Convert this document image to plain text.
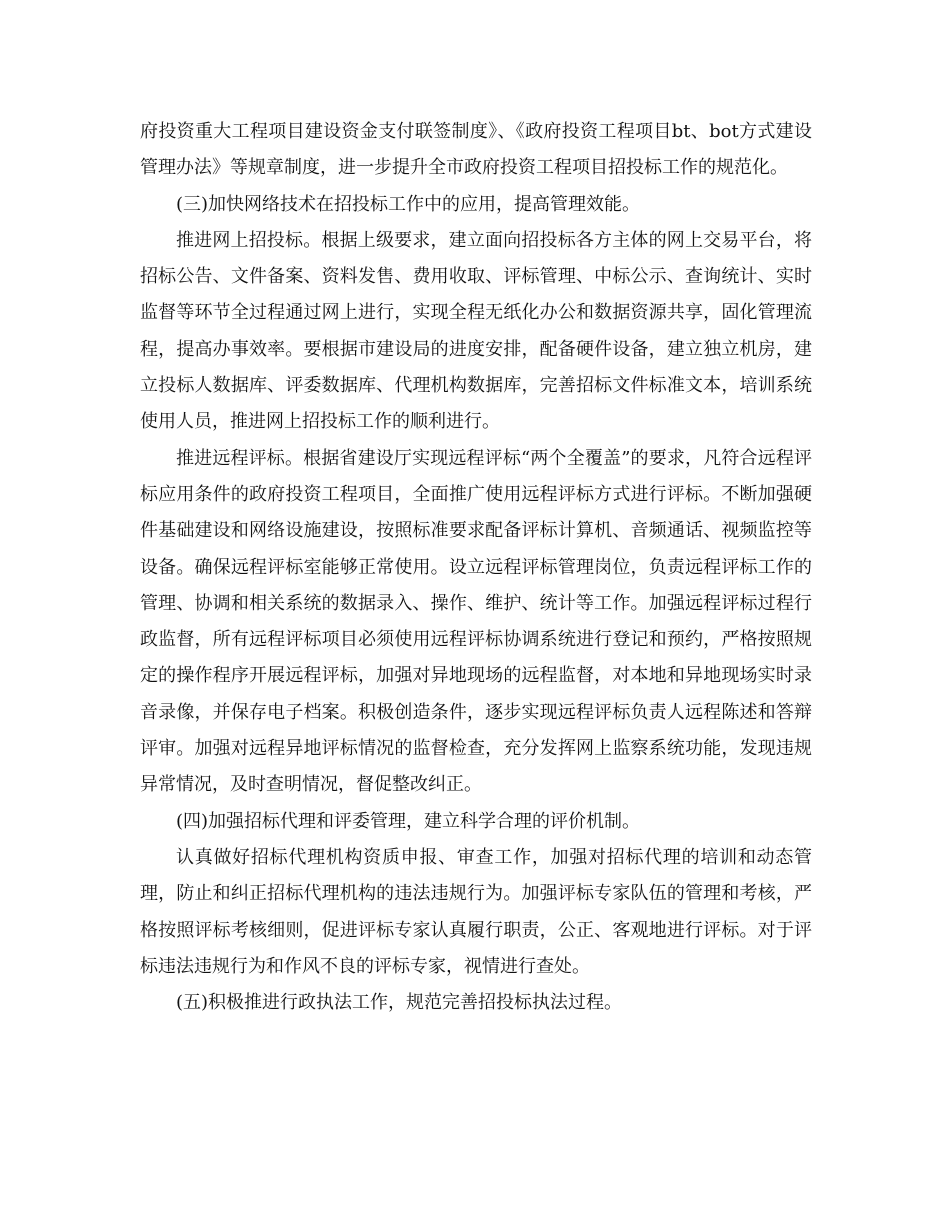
府投资重大工程项目建设资金支付联签制度》、《政府投资工程项目bt、bot方式建设管理办法》等规章制度，进一步提升全市政府投资工程项目招投标工作的规范化。

(三)加快网络技术在招投标工作中的应用，提高管理效能。

推进网上招投标。根据上级要求，建立面向招投标各方主体的网上交易平台，将招标公告、文件备案、资料发售、费用收取、评标管理、中标公示、查询统计、实时监督等环节全过程通过网上进行，实现全程无纸化办公和数据资源共享，固化管理流程，提高办事效率。要根据市建设局的进度安排，配备硬件设备，建立独立机房，建立投标人数据库、评委数据库、代理机构数据库，完善招标文件标准文本，培训系统使用人员，推进网上招投标工作的顺利进行。

推进远程评标。根据省建设厅实现远程评标“两个全覆盖”的要求，凡符合远程评标应用条件的政府投资工程项目，全面推广使用远程评标方式进行评标。不断加强硬件基础建设和网络设施建设，按照标准要求配备评标计算机、音频通话、视频监控等设备。确保远程评标室能够正常使用。设立远程评标管理岗位，负责远程评标工作的管理、协调和相关系统的数据录入、操作、维护、统计等工作。加强远程评标过程行政监督，所有远程评标项目必须使用远程评标协调系统进行登记和预约，严格按照规定的操作程序开展远程评标，加强对异地现场的远程监督，对本地和异地现场实时录音录像，并保存电子档案。积极创造条件，逐步实现远程评标负责人远程陈述和答辩评审。加强对远程异地评标情况的监督检查，充分发挥网上监察系统功能，发现违规异常情况，及时查明情况，督促整改纠正。

(四)加强招标代理和评委管理，建立科学合理的评价机制。

认真做好招标代理机构资质申报、审查工作，加强对招标代理的培训和动态管理，防止和纠正招标代理机构的违法违规行为。加强评标专家队伍的管理和考核，严格按照评标考核细则，促进评标专家认真履行职责，公正、客观地进行评标。对于评标违法违规行为和作风不良的评标专家，视情进行查处。

(五)积极推进行政执法工作，规范完善招投标执法过程。
